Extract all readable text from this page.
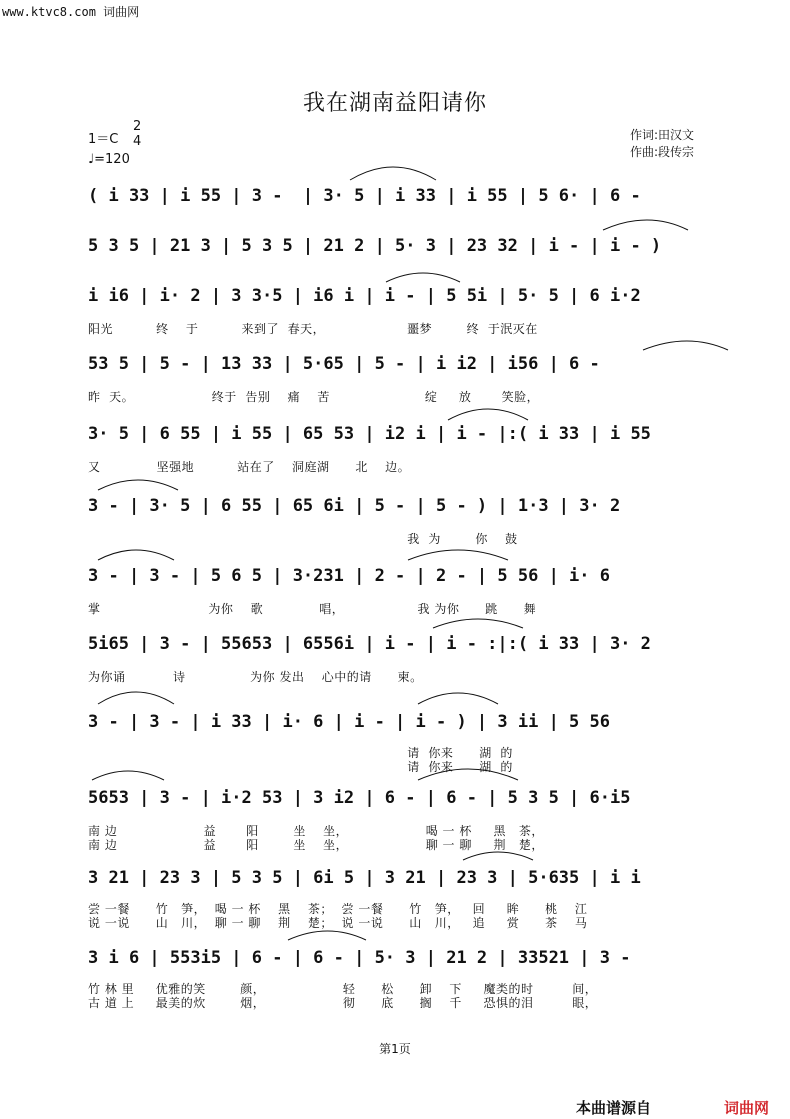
www.ktvc8.com 词曲网
我在湖南益阳请你
1＝C
2
4
♩=120
作词:田汉文
作曲:段传宗
( i 33 | i 55 | 3 -  | 3· 5 | i 33 | i 55 | 5 6· | 6 -
5 3 5 | 21 3 | 5 3 5 | 21 2 | 5· 3 | 23 32 | i - | i - )
i i6 | i· 2 | 3 3·5 | i6 i | i - | 5 5i | 5· 5 | 6 i·2
53 5 | 5 - | 13 33 | 5·65 | 5 - | i i2 | i56 | 6 -
3· 5 | 6 55 | i 55 | 65 53 | i2 i | i - |:( i 33 | i 55
3 - | 3· 5 | 6 55 | 65 6i | 5 - | 5 - ) | 1·3 | 3· 2
3 - | 3 - | 5 6 5 | 3·231 | 2 - | 2 - | 5 56 | i· 6
5i65 | 3 - | 55653 | 6556i | i - | i - :|:( i 33 | 3· 2
3 - | 3 - | i 33 | i· 6 | i - | i - ) | 3 ii | 5 56
5653 | 3 - | i·2 53 | 3 i2 | 6 - | 6 - | 5 3 5 | 6·i5
3 21 | 23 3 | 5 3 5 | 6i 5 | 3 21 | 23 3 | 5·635 | i i
3 i 6 | 553i5 | 6 - | 6 - | 5· 3 | 21 2 | 33521 | 3 -
阳光          终    于          来到了  春天，                   噩梦        终  于泯灭在
昨  天。                  终于  告别    痛    苦                      绽     放       笑脸，
又             坚强地          站在了    洞庭湖      北    边。
我  为        你    鼓
掌                         为你    歌             唱，                 我 为你      跳      舞
为你诵           诗               为你 发出    心中的请      柬。
请  你来      湖  的
请  你来      湖  的
南 边                    益       阳        坐    坐，                  喝 一 杯     黑   茶，
南 边                    益       阳        坐    坐，                  聊 一 聊     荆   楚，
尝 一餐      竹   笋，  喝 一 杯    黑    茶；  尝 一餐      竹   笋，   回     眸      桃    江
说 一说      山   川，  聊 一 聊    荆    楚；  说 一说      山   川，   追     赏      茶    马
竹 林 里     优雅的笑        颜，                  轻      松      卸    下     魔类的时         间，
古 道 上     最美的炊        烟，                  彻      底      搁    千     恐惧的泪         眼，
第1页
本曲谱源自	词曲网
